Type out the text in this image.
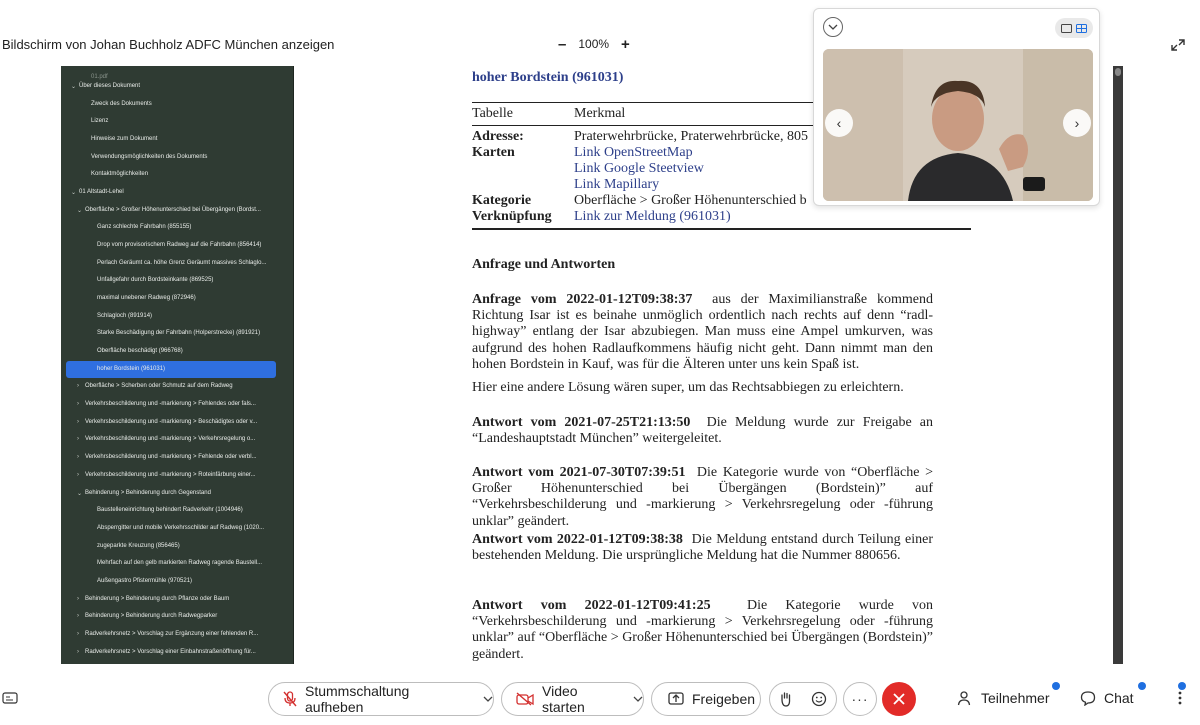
Bildschirm von Johan Buchholz ADFC München anzeigen	– 100% +
01.pdf
⌄ Über dieses Dokument
Zweck des Dokuments
Lizenz
Hinweise zum Dokument
Verwendungsmöglichkeiten des Dokuments
Kontaktmöglichkeiten
⌄ 01 Altstadt-Lehel
⌄ Oberfläche > Großer Höhenunterschied bei Übergängen (Bordst...
Ganz schlechte Fahrbahn (855155)
Drop vom provisorischem Radweg auf die Fahrbahn (856414)
Perlach Geräumt ca. höhe Grenz Geräumt massives Schlaglo...
Unfallgefahr durch Bordsteinkante (869525)
maximal unebener Radweg (872946)
Schlagloch (891914)
Starke Beschädigung der Fahrbahn (Holperstrecke) (891921)
Oberfläche beschädigt (966768)
hoher Bordstein (961031)
›	Oberfläche > Scherben oder Schmutz auf dem Radweg
›	Verkehrsbeschilderung und -markierung > Fehlendes oder fals...
›	Verkehrsbeschilderung und -markierung > Beschädigtes oder v...
›	Verkehrsbeschilderung und -markierung > Verkehrsregelung o...
›	Verkehrsbeschilderung und -markierung > Fehlende oder verbl...
›	Verkehrsbeschilderung und -markierung > Roteinfärbung einer...
⌄ Behinderung > Behinderung durch Gegenstand
Baustelleneinrichtung behindert Radverkehr (1004946)
Absperrgitter und mobile Verkehrsschilder auf Radweg (1020...
zugeparkte Kreuzung (856465)
Mehrfach auf den gelb markierten Radweg ragende Baustell...
Außengastro Pfistermühle (970521)
›	Behinderung > Behinderung durch Pflanze oder Baum
›	Behinderung > Behinderung durch Radwegparker
›	Radverkehrsnetz > Vorschlag zur Ergänzung einer fehlenden R...
›	Radverkehrsnetz > Vorschlag einer Einbahnstraßenöffnung für...
hoher Bordstein (961031)
Tabelle	Merkmal
Adresse:	Praterwehrbrücke, Praterwehrbrücke, 805
Karten	Link OpenStreetMap
Link Google Steetview
Link Mapillary
Kategorie	Oberfläche > Großer Höhenunterschied b
Verknüpfung Link zur Meldung (961031)
Anfrage und Antworten
Anfrage vom 2022-01-12T09:38:37 aus der Maximilianstraße kommend Richtung Isar ist es beinahe unmöglich ordentlich nach rechts auf denn “radl-highway” entlang der Isar abzubiegen. Man muss eine Ampel umkurven, was aufgrund des hohen Radlaufkommens häufig nicht geht. Dann nimmt man den hohen Bordstein in Kauf, was für die Älteren unter uns kein Spaß ist.
Hier eine andere Lösung wären super, um das Rechtsabbiegen zu erleichtern.
Antwort vom 2021-07-25T21:13:50 Die Meldung wurde zur Freigabe an “Landeshauptstadt München” weitergeleitet.
Antwort vom 2021-07-30T07:39:51 Die Kategorie wurde von “Oberfläche > Großer Höhenunterschied bei Übergängen (Bordstein)” auf “Verkehrsbeschilderung und -markierung > Verkehrsregelung oder -führung unklar” geändert.
Antwort vom 2022-01-12T09:38:38 Die Meldung entstand durch Teilung einer bestehenden Meldung. Die ursprüngliche Meldung hat die Nummer 880656.
Antwort vom 2022-01-12T09:41:25	Die Kategorie wurde von “Verkehrsbeschilderung und -markierung > Verkehrsregelung oder -führung unklar” auf “Oberfläche > Großer Höhenunterschied bei Übergängen (Bordstein)” geändert.
‹	›
Stummschaltung aufheben
Video starten	Freigeben	···	Teilnehmer	Chat
